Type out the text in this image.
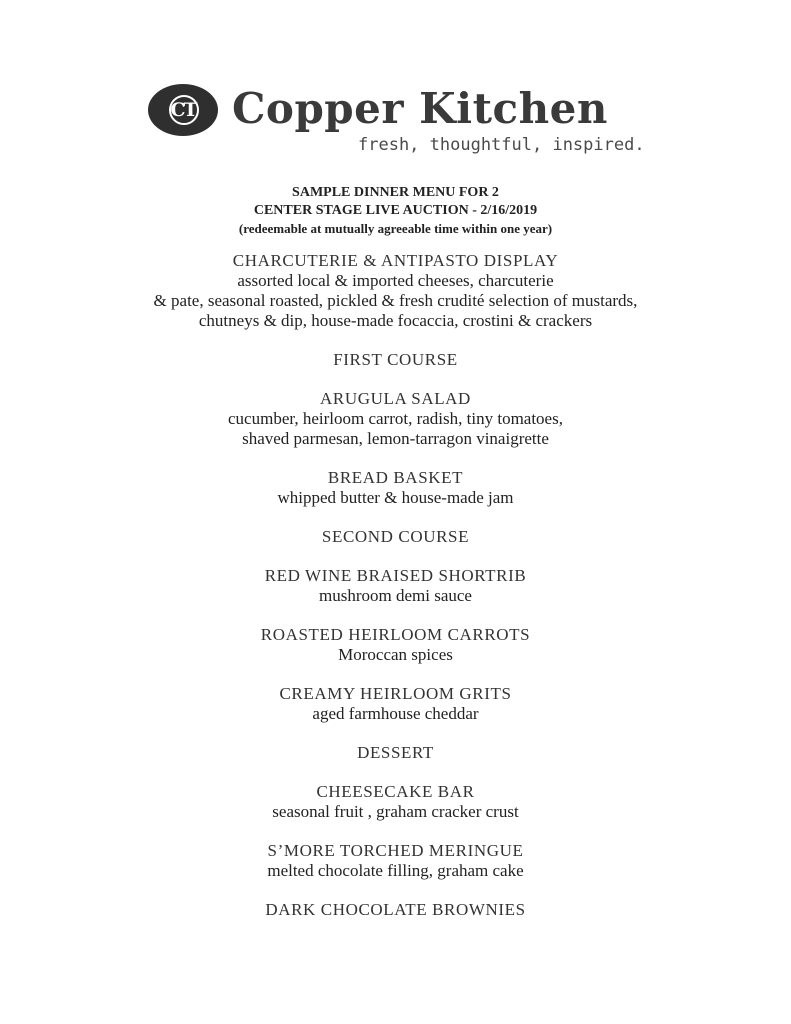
CT Copper Kitchen
fresh, thoughtful, inspired.
SAMPLE DINNER MENU FOR 2
CENTER STAGE LIVE AUCTION - 2/16/2019
(redeemable at mutually agreeable time within one year)
CHARCUTERIE & ANTIPASTO DISPLAY
assorted local & imported cheeses, charcuterie
& pate, seasonal roasted, pickled & fresh crudité selection of mustards,
chutneys & dip, house-made focaccia, crostini & crackers
FIRST COURSE
ARUGULA SALAD
cucumber, heirloom carrot, radish, tiny tomatoes,
shaved parmesan, lemon-tarragon vinaigrette
BREAD BASKET
whipped butter & house-made jam
SECOND COURSE
RED WINE BRAISED SHORTRIB
mushroom demi sauce
ROASTED HEIRLOOM CARROTS
Moroccan spices
CREAMY HEIRLOOM GRITS
aged farmhouse cheddar
DESSERT
CHEESECAKE BAR
seasonal fruit , graham cracker crust
S’MORE TORCHED MERINGUE
melted chocolate filling, graham cake
DARK CHOCOLATE BROWNIES
